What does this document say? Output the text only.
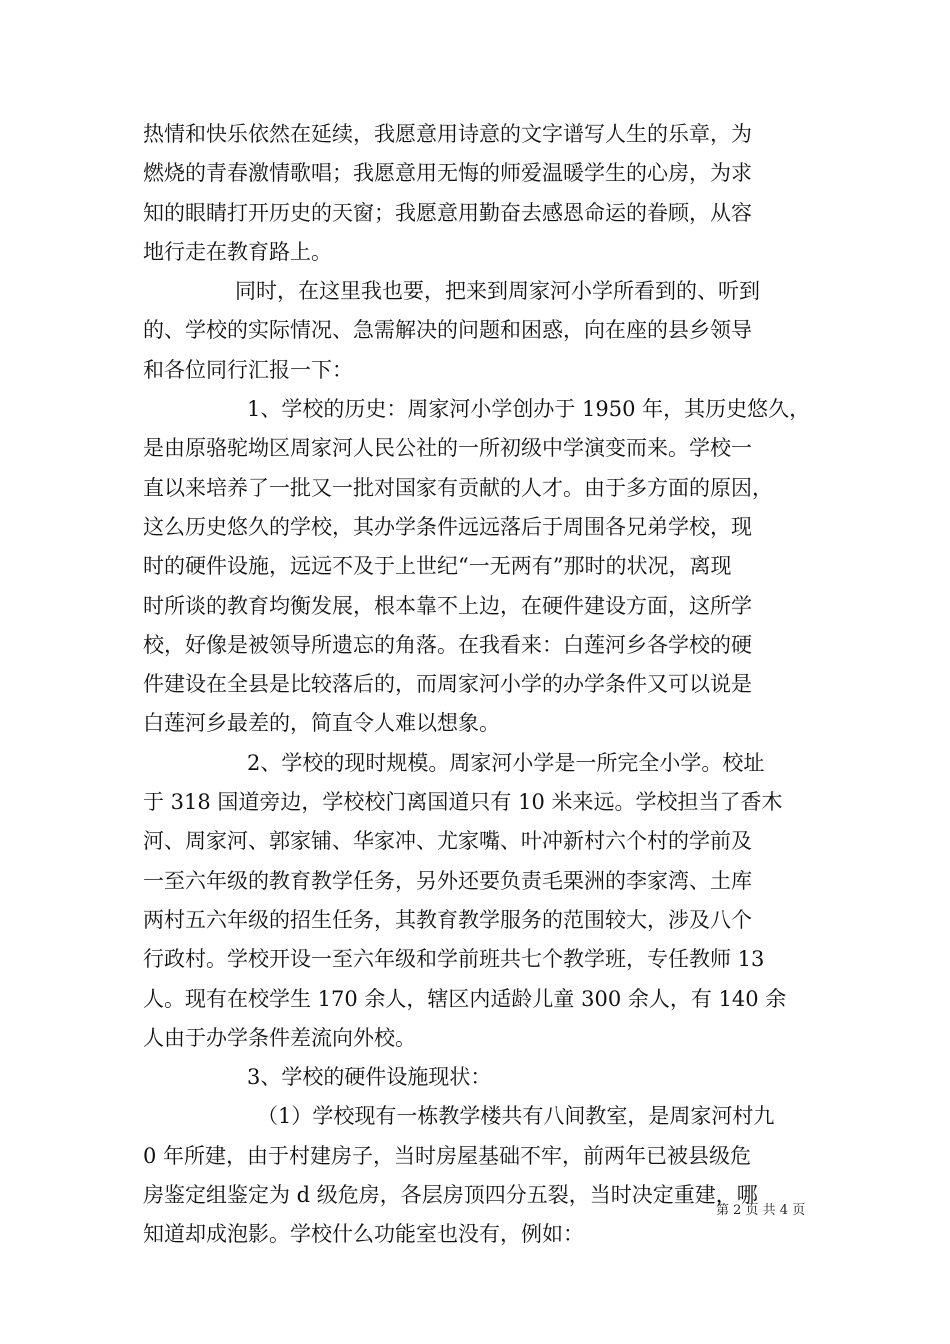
热情和快乐依然在延续，我愿意用诗意的文字谱写人生的乐章，为
燃烧的青春激情歌唱；我愿意用无悔的师爱温暖学生的心房，为求
知的眼睛打开历史的天窗；我愿意用勤奋去感恩命运的眷顾，从容
地行走在教育路上。
同时，在这里我也要，把来到周家河小学所看到的、听到
的、学校的实际情况、急需解决的问题和困惑，向在座的县乡领导
和各位同行汇报一下：
1、学校的历史：周家河小学创办于 1950 年，其历史悠久，
是由原骆驼坳区周家河人民公社的一所初级中学演变而来。学校一
直以来培养了一批又一批对国家有贡献的人才。由于多方面的原因，
这么历史悠久的学校，其办学条件远远落后于周围各兄弟学校，现
时的硬件设施，远远不及于上世纪“一无两有”那时的状况，离现
时所谈的教育均衡发展，根本靠不上边，在硬件建设方面，这所学
校，好像是被领导所遗忘的角落。在我看来：白莲河乡各学校的硬
件建设在全县是比较落后的，而周家河小学的办学条件又可以说是
白莲河乡最差的，简直令人难以想象。
2、学校的现时规模。周家河小学是一所完全小学。校址
于 318 国道旁边，学校校门离国道只有 10 米来远。学校担当了香木
河、周家河、郭家铺、华家冲、尤家嘴、叶冲新村六个村的学前及
一至六年级的教育教学任务，另外还要负责毛栗洲的李家湾、土库
两村五六年级的招生任务，其教育教学服务的范围较大，涉及八个
行政村。学校开设一至六年级和学前班共七个教学班，专任教师 13
人。现有在校学生 170 余人，辖区内适龄儿童 300 余人，有 140 余
人由于办学条件差流向外校。
3、学校的硬件设施现状：
（1）学校现有一栋教学楼共有八间教室，是周家河村九
0 年所建，由于村建房子，当时房屋基础不牢，前两年已被县级危
房鉴定组鉴定为 d 级危房，各层房顶四分五裂，当时决定重建，哪
知道却成泡影。学校什么功能室也没有，例如：
第 2 页 共 4 页
